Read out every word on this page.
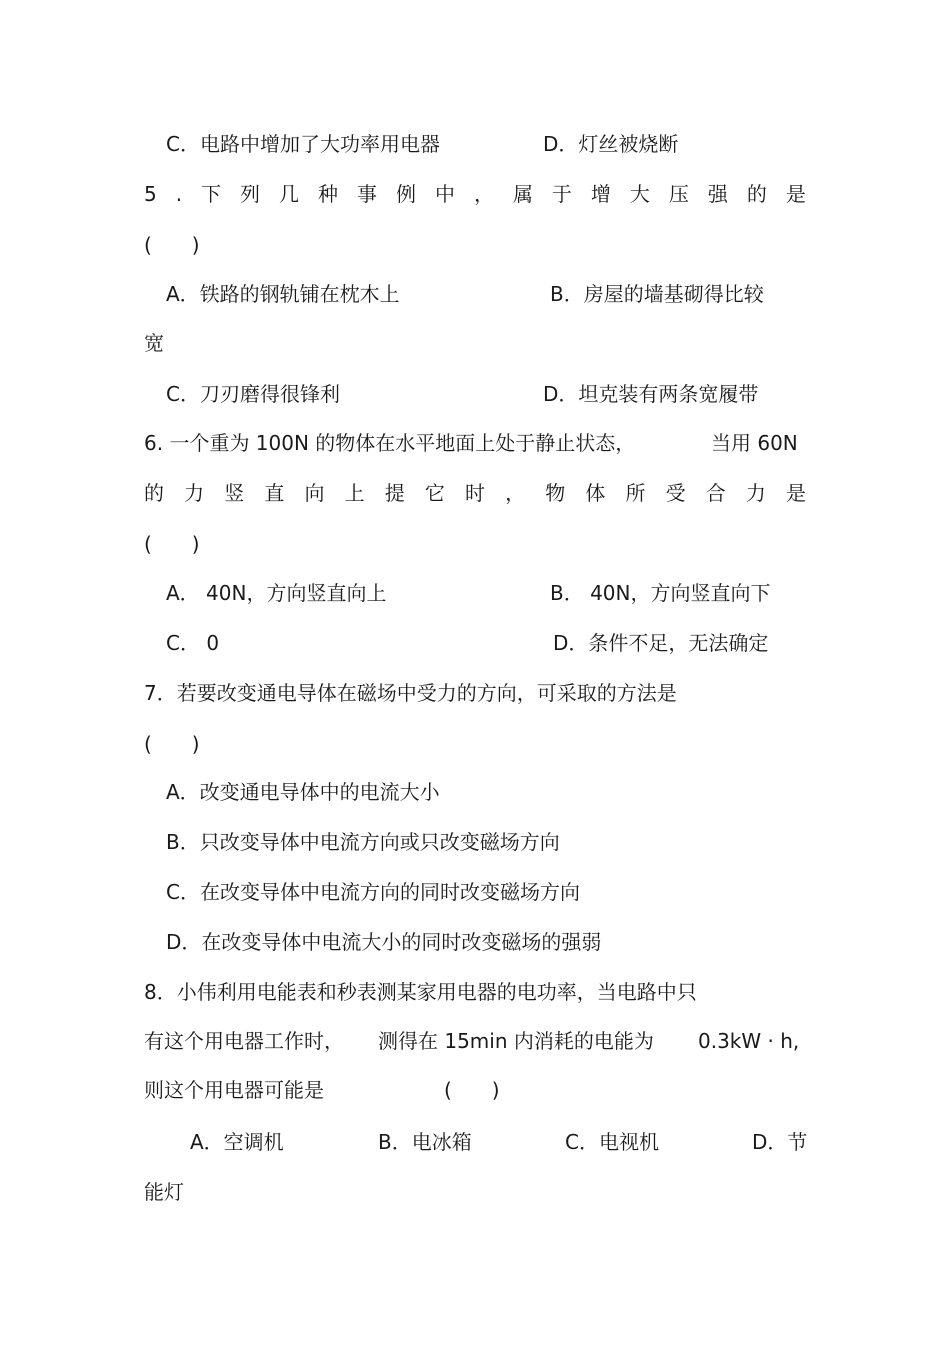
C．电路中增加了大功率用电器	D．灯丝被烧断
5 . 下 列 几 种 事 例 中 ， 属 于 增 大 压 强 的 是
(　　)
A．铁路的钢轨铺在枕木上	B．房屋的墙基砌得比较
宽
C．刀刃磨得很锋利	D．坦克装有两条宽履带
6. 一个重为 100N 的物体在水平地面上处于静止状态，	当用 60N
的 力 竖 直 向 上 提 它 时 ， 物 体 所 受 合 力 是
(　　)
A． 40N，方向竖直向上	B． 40N，方向竖直向下
C． 0	D．条件不足，无法确定
7．若要改变通电导体在磁场中受力的方向，可采取的方法是
(　　)
A．改变通电导体中的电流大小
B．只改变导体中电流方向或只改变磁场方向
C．在改变导体中电流方向的同时改变磁场方向
D．在改变导体中电流大小的同时改变磁场的强弱
8．小伟利用电能表和秒表测某家用电器的电功率，当电路中只
有这个用电器工作时， 测得在 15min 内消耗的电能为 0.3kW · h,
则这个用电器可能是	(　　)
A．空调机	B．电冰箱	C．电视机	D．节
能灯
